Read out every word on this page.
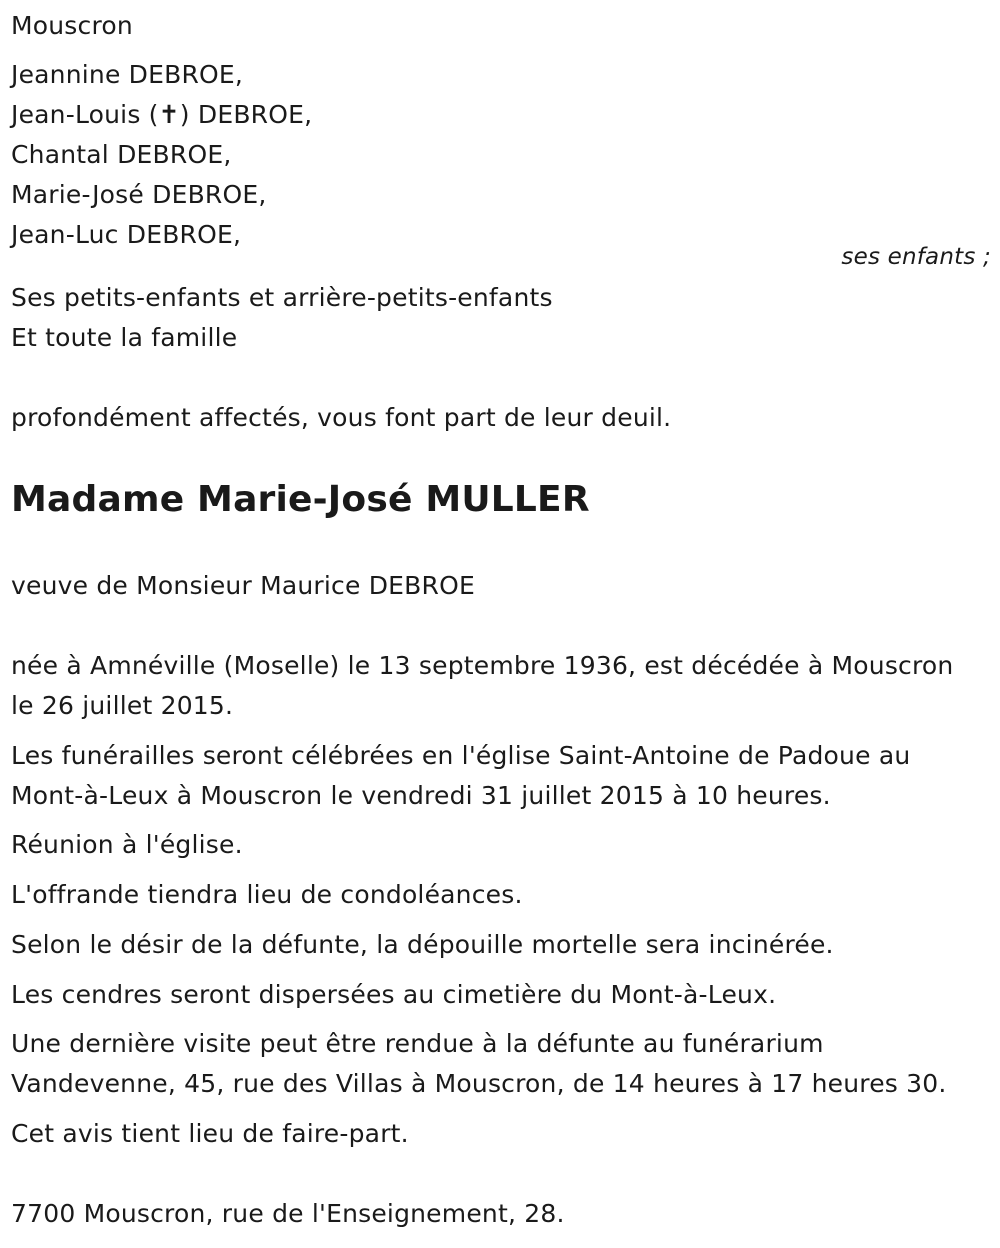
Mouscron
Jeannine DEBROE,
Jean-Louis (✝) DEBROE,
Chantal DEBROE,
Marie-José DEBROE,
Jean-Luc DEBROE,
ses enfants ;
Ses petits-enfants et arrière-petits-enfants
Et toute la famille
profondément affectés, vous font part de leur deuil.
Madame Marie-José MULLER
veuve de Monsieur Maurice DEBROE
née à Amnéville (Moselle) le 13 septembre 1936, est décédée à Mouscron
le 26 juillet 2015.
Les funérailles seront célébrées en l'église Saint-Antoine de Padoue au
Mont-à-Leux à Mouscron le vendredi 31 juillet 2015 à 10 heures.
Réunion à l'église.
L'offrande tiendra lieu de condoléances.
Selon le désir de la défunte, la dépouille mortelle sera incinérée.
Les cendres seront dispersées au cimetière du Mont-à-Leux.
Une dernière visite peut être rendue à la défunte au funérarium
Vandevenne, 45, rue des Villas à Mouscron, de 14 heures à 17 heures 30.
Cet avis tient lieu de faire-part.
7700 Mouscron, rue de l'Enseignement, 28.
